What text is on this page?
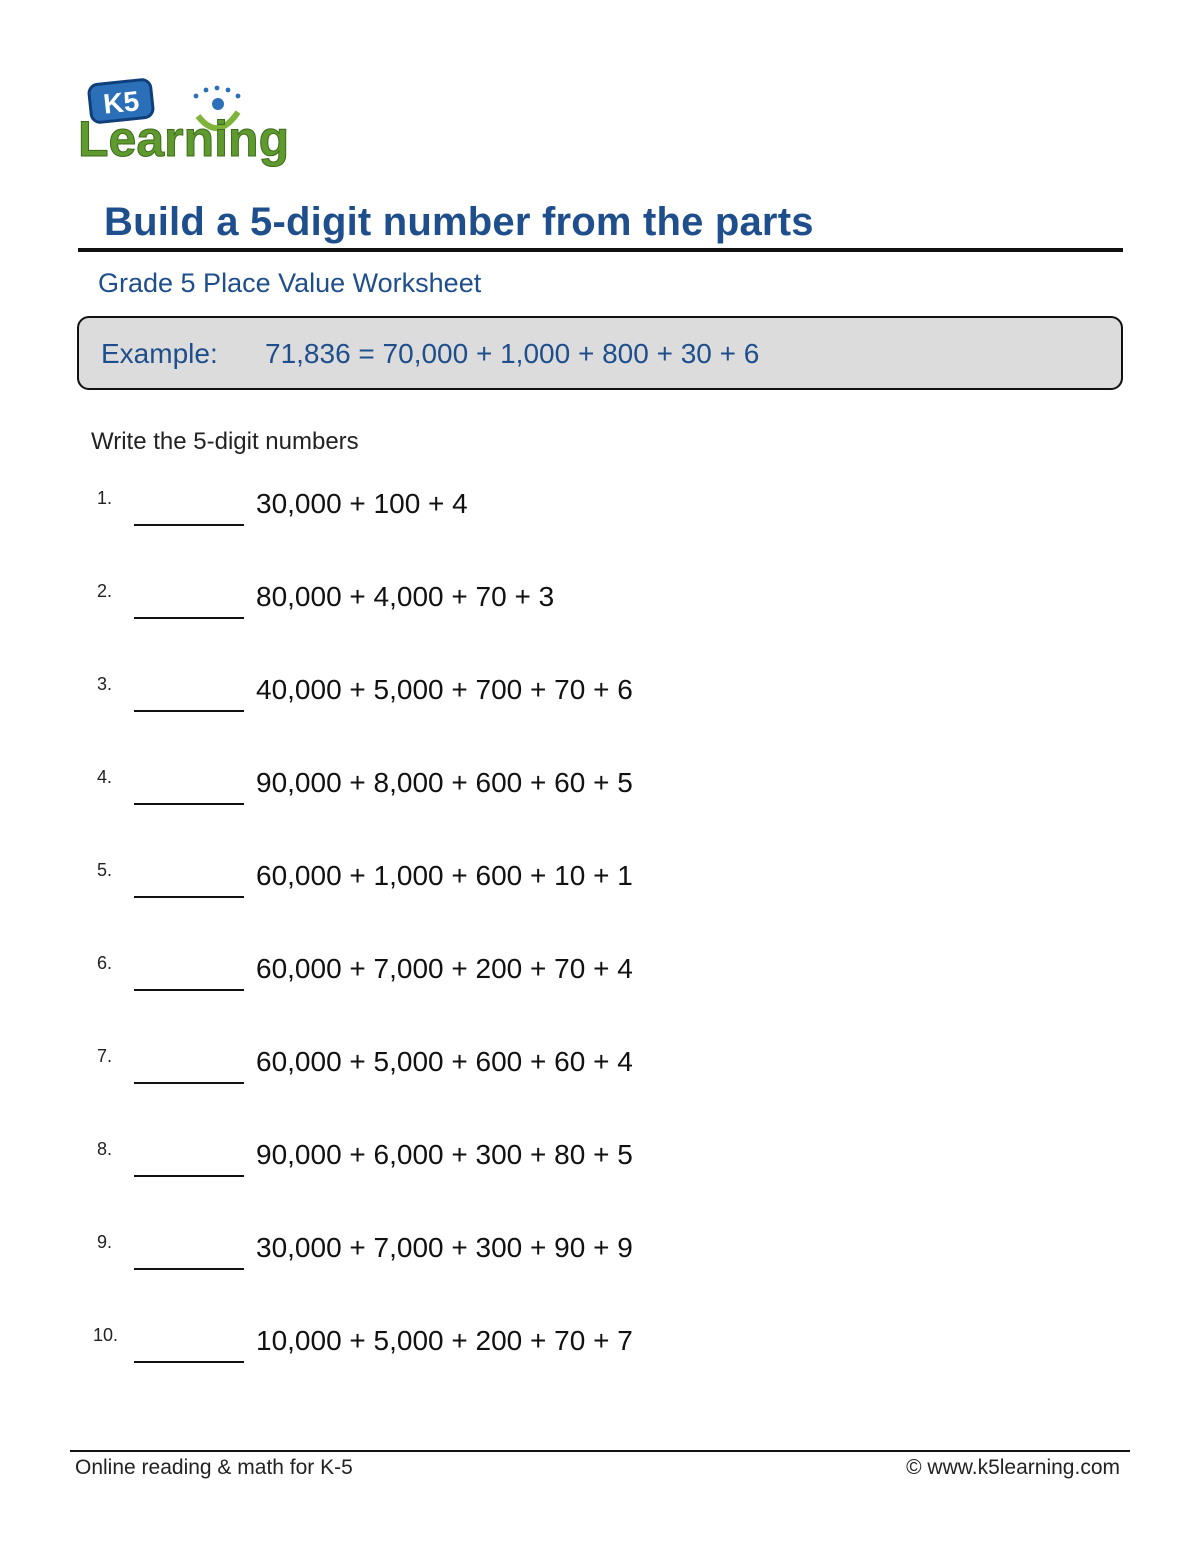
K5
Learning
Build a 5-digit number from the parts
Grade 5 Place Value Worksheet
Example: 71,836 = 70,000 + 1,000 + 800 + 30 + 6
Write the 5-digit numbers
1.	30,000 + 100 + 4
2.	80,000 + 4,000 + 70 + 3
3.	40,000 + 5,000 + 700 + 70 + 6
4.	90,000 + 8,000 + 600 + 60 + 5
5.	60,000 + 1,000 + 600 + 10 + 1
6.	60,000 + 7,000 + 200 + 70 + 4
7.	60,000 + 5,000 + 600 + 60 + 4
8.	90,000 + 6,000 + 300 + 80 + 5
9.	30,000 + 7,000 + 300 + 90 + 9
10.	10,000 + 5,000 + 200 + 70 + 7
Online reading & math for K-5	© www.k5learning.com
